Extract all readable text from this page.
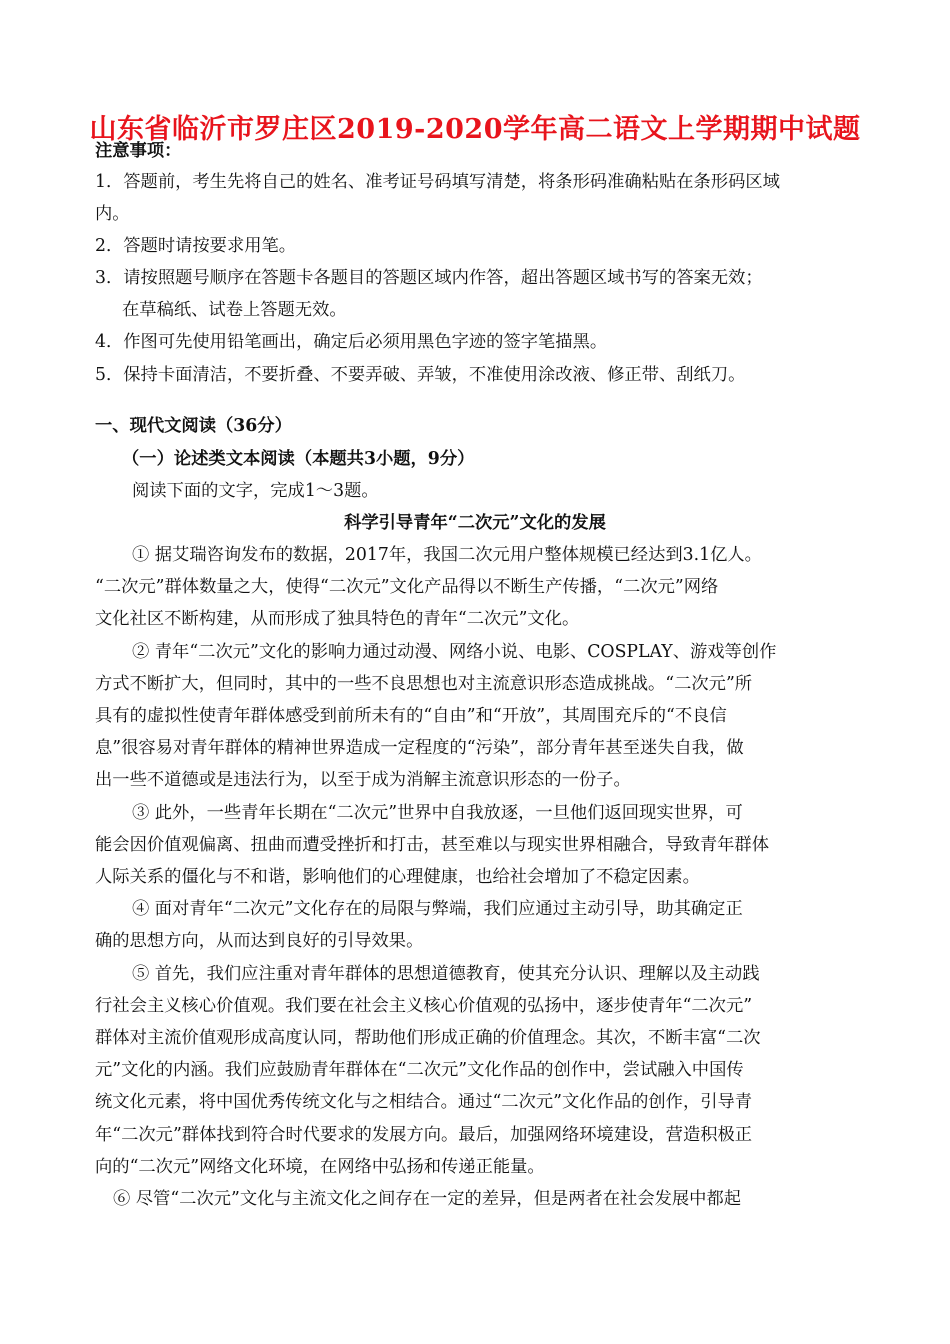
山东省临沂市罗庄区2019-2020学年高二语文上学期期中试题
注意事项：
1．答题前，考生先将自己的姓名、准考证号码填写清楚，将条形码准确粘贴在条形码区域
内。
2．答题时请按要求用笔。
3．请按照题号顺序在答题卡各题目的答题区域内作答，超出答题区域书写的答案无效；
在草稿纸、试卷上答题无效。
4．作图可先使用铅笔画出，确定后必须用黑色字迹的签字笔描黑。
5．保持卡面清洁，不要折叠、不要弄破、弄皱，不准使用涂改液、修正带、刮纸刀。
一、现代文阅读（36分）
（一）论述类文本阅读（本题共3小题，9分）
阅读下面的文字，完成1～3题。
科学引导青年“二次元”文化的发展
① 据艾瑞咨询发布的数据，2017年，我国二次元用户整体规模已经达到3.1亿人。
“二次元”群体数量之大，使得“二次元”文化产品得以不断生产传播，“二次元”网络
文化社区不断构建，从而形成了独具特色的青年“二次元”文化。
② 青年“二次元”文化的影响力通过动漫、网络小说、电影、COSPLAY、游戏等创作
方式不断扩大，但同时，其中的一些不良思想也对主流意识形态造成挑战。“二次元”所
具有的虚拟性使青年群体感受到前所未有的“自由”和“开放”，其周围充斥的“不良信
息”很容易对青年群体的精神世界造成一定程度的“污染”，部分青年甚至迷失自我，做
出一些不道德或是违法行为，以至于成为消解主流意识形态的一份子。
③ 此外，一些青年长期在“二次元”世界中自我放逐，一旦他们返回现实世界，可
能会因价值观偏离、扭曲而遭受挫折和打击，甚至难以与现实世界相融合，导致青年群体
人际关系的僵化与不和谐，影响他们的心理健康，也给社会增加了不稳定因素。
④ 面对青年“二次元”文化存在的局限与弊端，我们应通过主动引导，助其确定正
确的思想方向，从而达到良好的引导效果。
⑤ 首先，我们应注重对青年群体的思想道德教育，使其充分认识、理解以及主动践
行社会主义核心价值观。我们要在社会主义核心价值观的弘扬中，逐步使青年“二次元”
群体对主流价值观形成高度认同，帮助他们形成正确的价值理念。其次，不断丰富“二次
元”文化的内涵。我们应鼓励青年群体在“二次元”文化作品的创作中，尝试融入中国传
统文化元素，将中国优秀传统文化与之相结合。通过“二次元”文化作品的创作，引导青
年“二次元”群体找到符合时代要求的发展方向。最后，加强网络环境建设，营造积极正
向的“二次元”网络文化环境，在网络中弘扬和传递正能量。
⑥ 尽管“二次元”文化与主流文化之间存在一定的差异，但是两者在社会发展中都起
